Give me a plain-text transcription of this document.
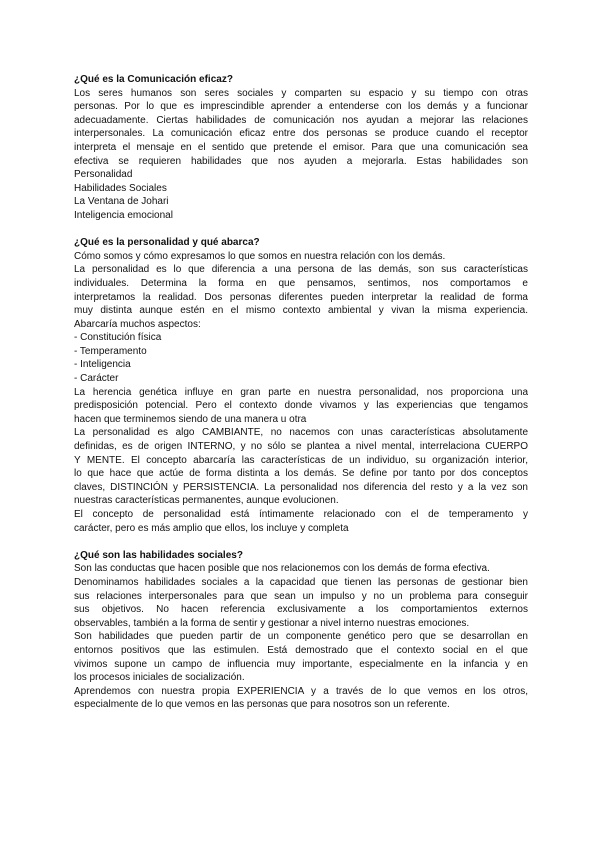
¿Qué es la Comunicación eficaz?
Los seres humanos son seres sociales y comparten su espacio y su tiempo con otras
personas. Por lo que es imprescindible aprender a entenderse con los demás y a funcionar
adecuadamente. Ciertas habilidades de comunicación nos ayudan a mejorar las relaciones
interpersonales. La comunicación eficaz entre dos personas se produce cuando el receptor
interpreta el mensaje en el sentido que pretende el emisor. Para que una comunicación sea
efectiva se requieren habilidades que nos ayuden a mejorarla. Estas habilidades son
Personalidad
Habilidades Sociales
La Ventana de Johari
Inteligencia emocional
¿Qué es la personalidad y qué abarca?
Cómo somos y cómo expresamos lo que somos en nuestra relación con los demás.
La personalidad es lo que diferencia a una persona de las demás, son sus características
individuales. Determina la forma en que pensamos, sentimos, nos comportamos e
interpretamos la realidad. Dos personas diferentes pueden interpretar la realidad de forma
muy distinta aunque estén en el mismo contexto ambiental y vivan la misma experiencia.
Abarcaría muchos aspectos:
- Constitución física
- Temperamento
- Inteligencia
- Carácter
La herencia genética influye en gran parte en nuestra personalidad, nos proporciona una
predisposición potencial. Pero el contexto donde vivamos y las experiencias que tengamos
hacen que terminemos siendo de una manera u otra
La personalidad es algo CAMBIANTE, no nacemos con unas características absolutamente
definidas, es de origen INTERNO, y no sólo se plantea a nivel mental, interrelaciona CUERPO
Y MENTE. El concepto abarcaría las características de un individuo, su organización interior,
lo que hace que actúe de forma distinta a los demás. Se define por tanto por dos conceptos
claves, DISTINCIÓN y PERSISTENCIA. La personalidad nos diferencia del resto y a la vez son
nuestras características permanentes, aunque evolucionen.
El concepto de personalidad está íntimamente relacionado con el de temperamento y
carácter, pero es más amplio que ellos, los incluye y completa
¿Qué son las habilidades sociales?
Son las conductas que hacen posible que nos relacionemos con los demás de forma efectiva.
Denominamos habilidades sociales a la capacidad que tienen las personas de gestionar bien
sus relaciones interpersonales para que sean un impulso y no un problema para conseguir
sus objetivos. No hacen referencia exclusivamente a los comportamientos externos
observables, también a la forma de sentir y gestionar a nivel interno nuestras emociones.
Son habilidades que pueden partir de un componente genético pero que se desarrollan en
entornos positivos que las estimulen. Está demostrado que el contexto social en el que
vivimos supone un campo de influencia muy importante, especialmente en la infancia y en
los procesos iniciales de socialización.
Aprendemos con nuestra propia EXPERIENCIA y a través de lo que vemos en los otros,
especialmente de lo que vemos en las personas que para nosotros son un referente.
